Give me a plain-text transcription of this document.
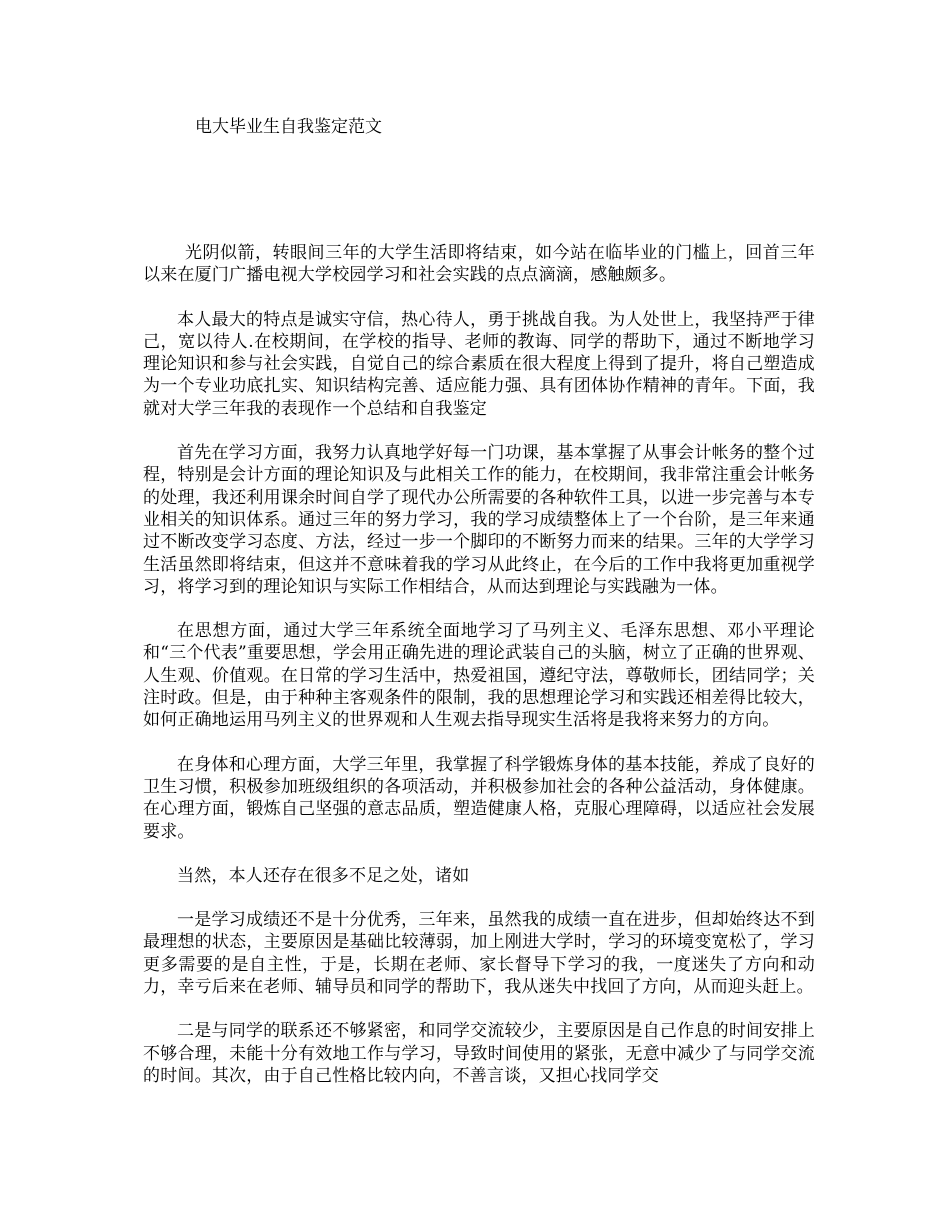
电大毕业生自我鉴定范文

光阴似箭，转眼间三年的大学生活即将结束，如今站在临毕业的门槛上，回首三年以来在厦门广播电视大学校园学习和社会实践的点点滴滴，感触颇多。

本人最大的特点是诚实守信，热心待人，勇于挑战自我。为人处世上，我坚持严于律己，宽以待人.在校期间，在学校的指导、老师的教诲、同学的帮助下，通过不断地学习理论知识和参与社会实践，自觉自己的综合素质在很大程度上得到了提升，将自己塑造成为一个专业功底扎实、知识结构完善、适应能力强、具有团体协作精神的青年。下面，我就对大学三年我的表现作一个总结和自我鉴定

首先在学习方面，我努力认真地学好每一门功课，基本掌握了从事会计帐务的整个过程，特别是会计方面的理论知识及与此相关工作的能力，在校期间，我非常注重会计帐务的处理，我还利用课余时间自学了现代办公所需要的各种软件工具，以进一步完善与本专业相关的知识体系。通过三年的努力学习，我的学习成绩整体上了一个台阶，是三年来通过不断改变学习态度、方法，经过一步一个脚印的不断努力而来的结果。三年的大学学习生活虽然即将结束，但这并不意味着我的学习从此终止，在今后的工作中我将更加重视学习，将学习到的理论知识与实际工作相结合，从而达到理论与实践融为一体。

在思想方面，通过大学三年系统全面地学习了马列主义、毛泽东思想、邓小平理论和“三个代表”重要思想，学会用正确先进的理论武装自己的头脑，树立了正确的世界观、人生观、价值观。在日常的学习生活中，热爱祖国，遵纪守法，尊敬师长，团结同学；关注时政。但是，由于种种主客观条件的限制，我的思想理论学习和实践还相差得比较大，如何正确地运用马列主义的世界观和人生观去指导现实生活将是我将来努力的方向。

在身体和心理方面，大学三年里，我掌握了科学锻炼身体的基本技能，养成了良好的卫生习惯，积极参加班级组织的各项活动，并积极参加社会的各种公益活动，身体健康。在心理方面，锻炼自己坚强的意志品质，塑造健康人格，克服心理障碍，以适应社会发展要求。

当然，本人还存在很多不足之处，诸如

一是学习成绩还不是十分优秀，三年来，虽然我的成绩一直在进步，但却始终达不到最理想的状态，主要原因是基础比较薄弱，加上刚进大学时，学习的环境变宽松了，学习更多需要的是自主性，于是，长期在老师、家长督导下学习的我，一度迷失了方向和动力，幸亏后来在老师、辅导员和同学的帮助下，我从迷失中找回了方向，从而迎头赶上。

二是与同学的联系还不够紧密，和同学交流较少，主要原因是自己作息的时间安排上不够合理，未能十分有效地工作与学习，导致时间使用的紧张，无意中减少了与同学交流的时间。其次，由于自己性格比较内向，不善言谈，又担心找同学交
